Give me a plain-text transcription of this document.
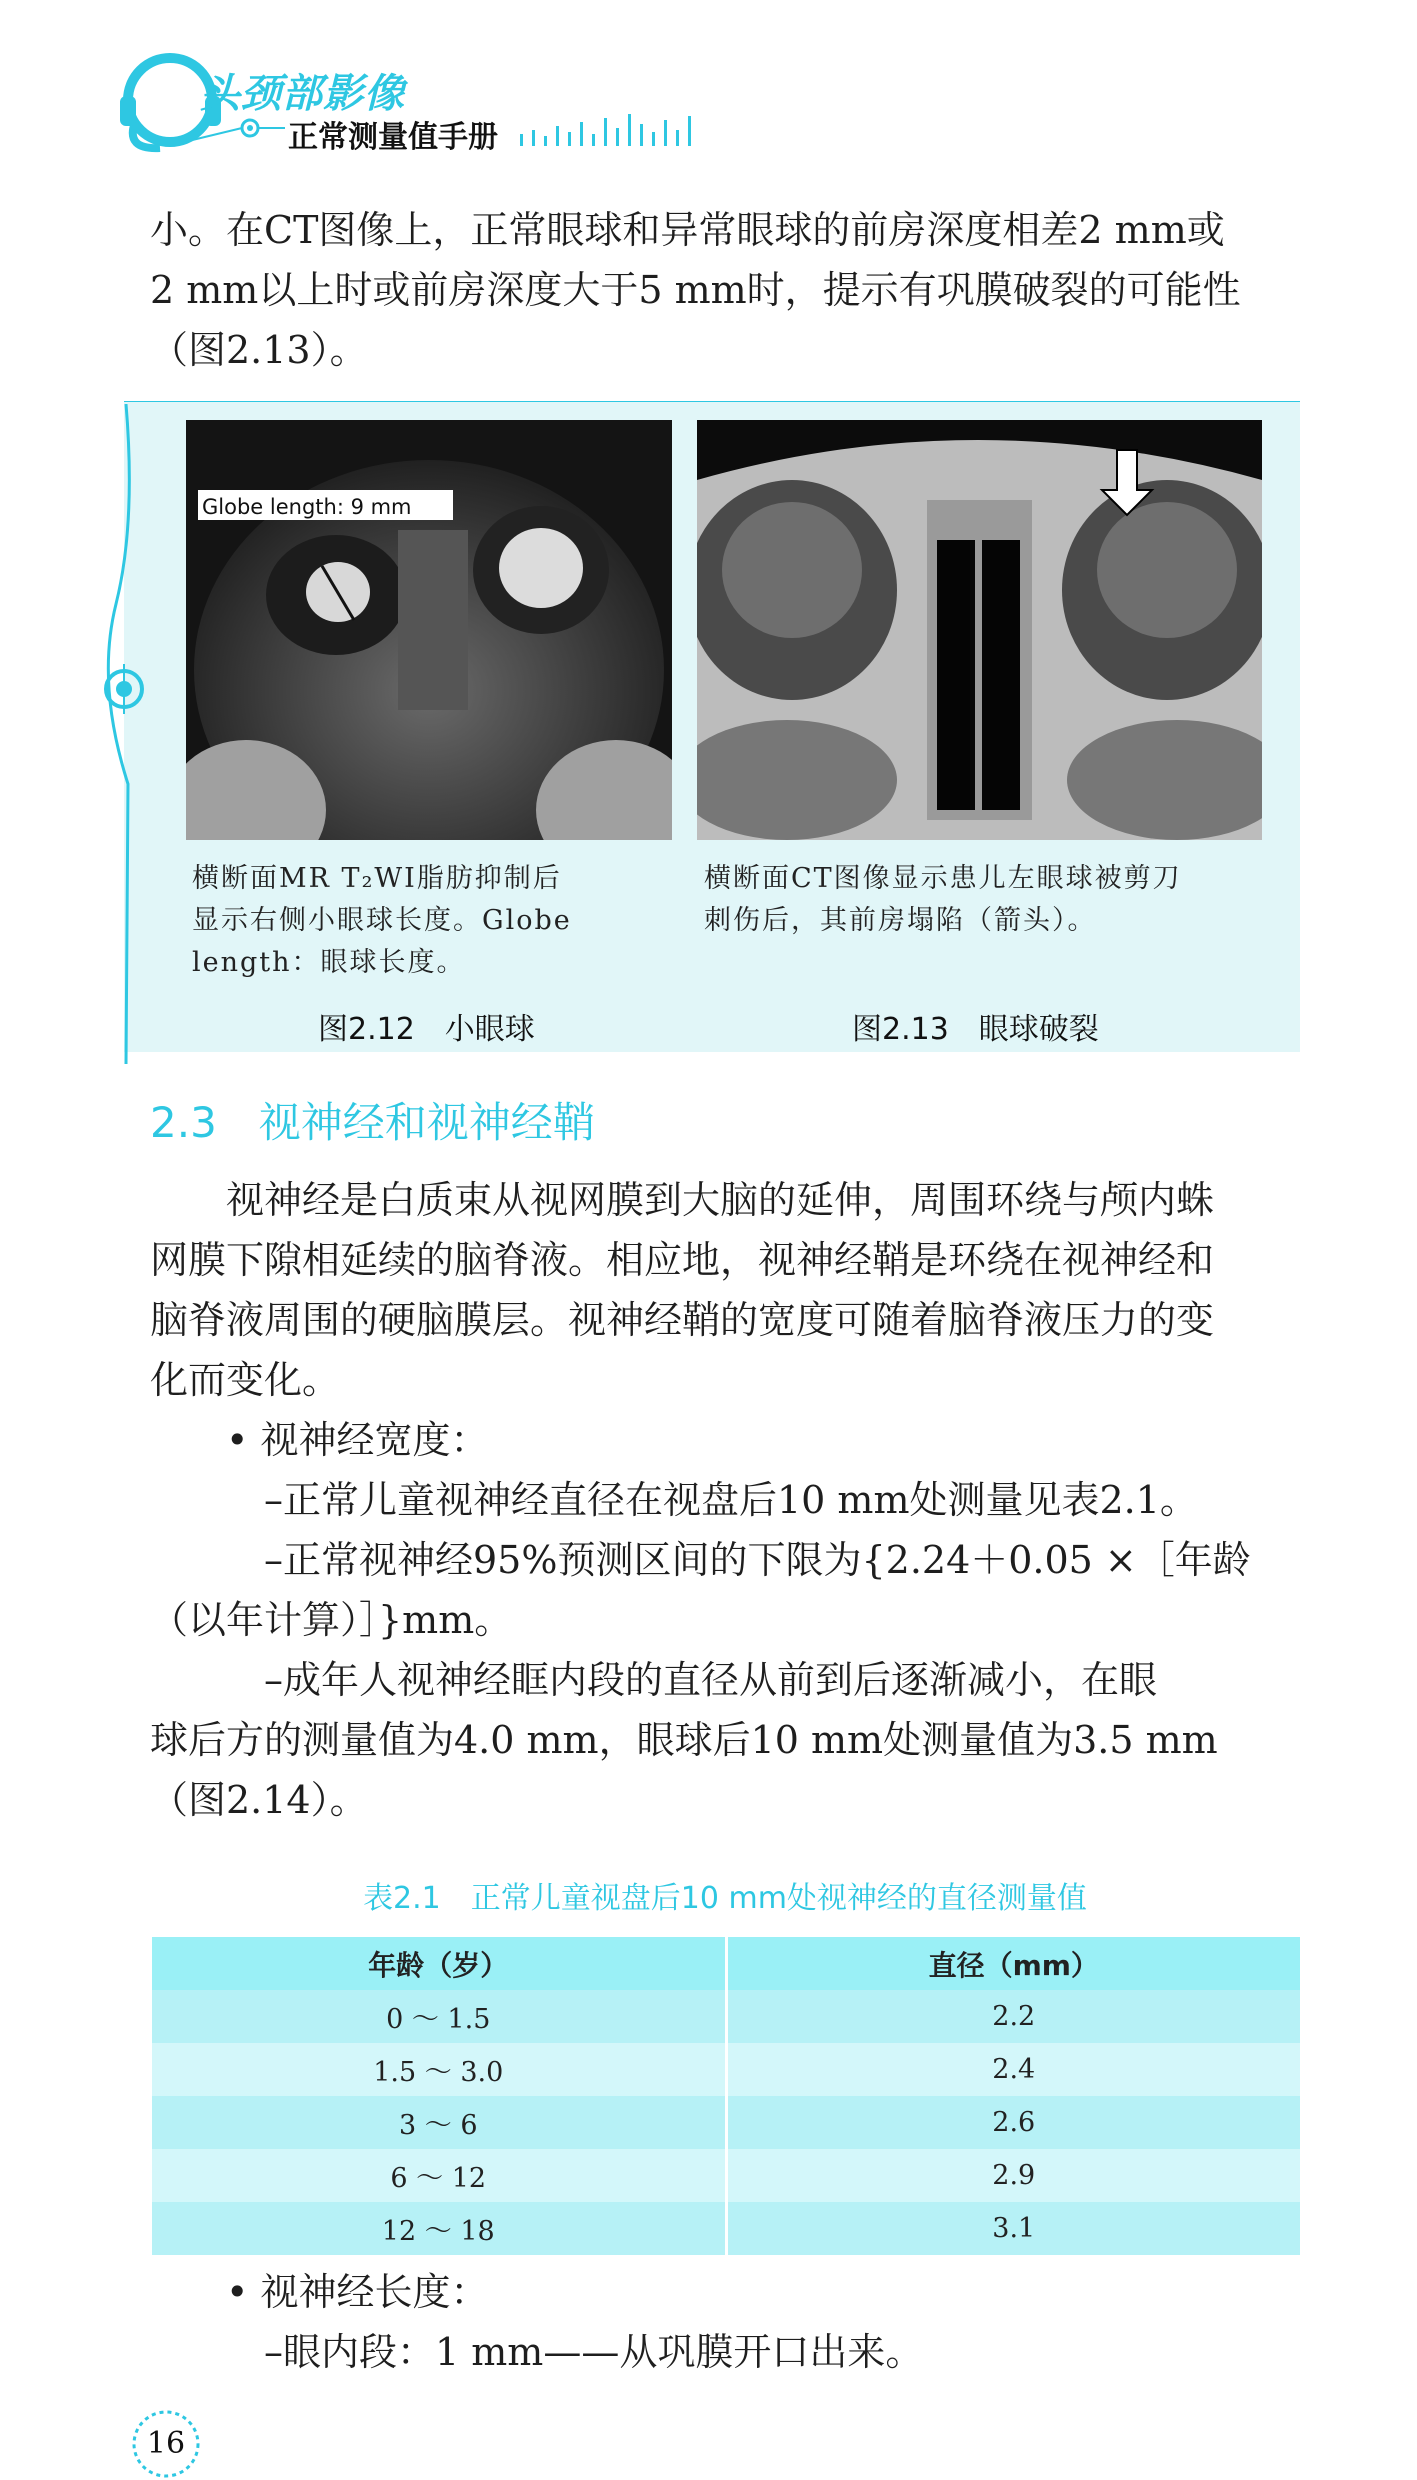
头颈部影像
正常测量值手册

小。在CT图像上，正常眼球和异常眼球的前房深度相差2 mm或

2 mm以上时或前房深度大于5 mm时，提示有巩膜破裂的可能性

（图2.13）。

Globe length: 9 mm
横断面MR T₂WI脂肪抑制后
显示右侧小眼球长度。Globe
length：眼球长度。
横断面CT图像显示患儿左眼球被剪刀
刺伤后，其前房塌陷（箭头）。
图2.12　小眼球	图2.13　眼球破裂
2.3 视神经和视神经鞘

视神经是白质束从视网膜到大脑的延伸，周围环绕与颅内蛛

网膜下隙相延续的脑脊液。相应地，视神经鞘是环绕在视神经和

脑脊液周围的硬脑膜层。视神经鞘的宽度可随着脑脊液压力的变

化而变化。

• 视神经宽度：

–正常儿童视神经直径在视盘后10 mm处测量见表2.1。

–正常视神经95%预测区间的下限为{2.24＋0.05 ×［年龄

（以年计算）］}mm。

–成年人视神经眶内段的直径从前到后逐渐减小，在眼

球后方的测量值为4.0 mm，眼球后10 mm处测量值为3.5 mm

（图2.14）。

表2.1　正常儿童视盘后10 mm处视神经的直径测量值
年龄（岁）	直径（mm）
0 ～ 1.5	2.2
1.5 ～ 3.0	2.4
3 ～ 6	2.6
6 ～ 12	2.9
12 ～ 18	3.1

• 视神经长度：

–眼内段：1 mm——从巩膜开口出来。

16
